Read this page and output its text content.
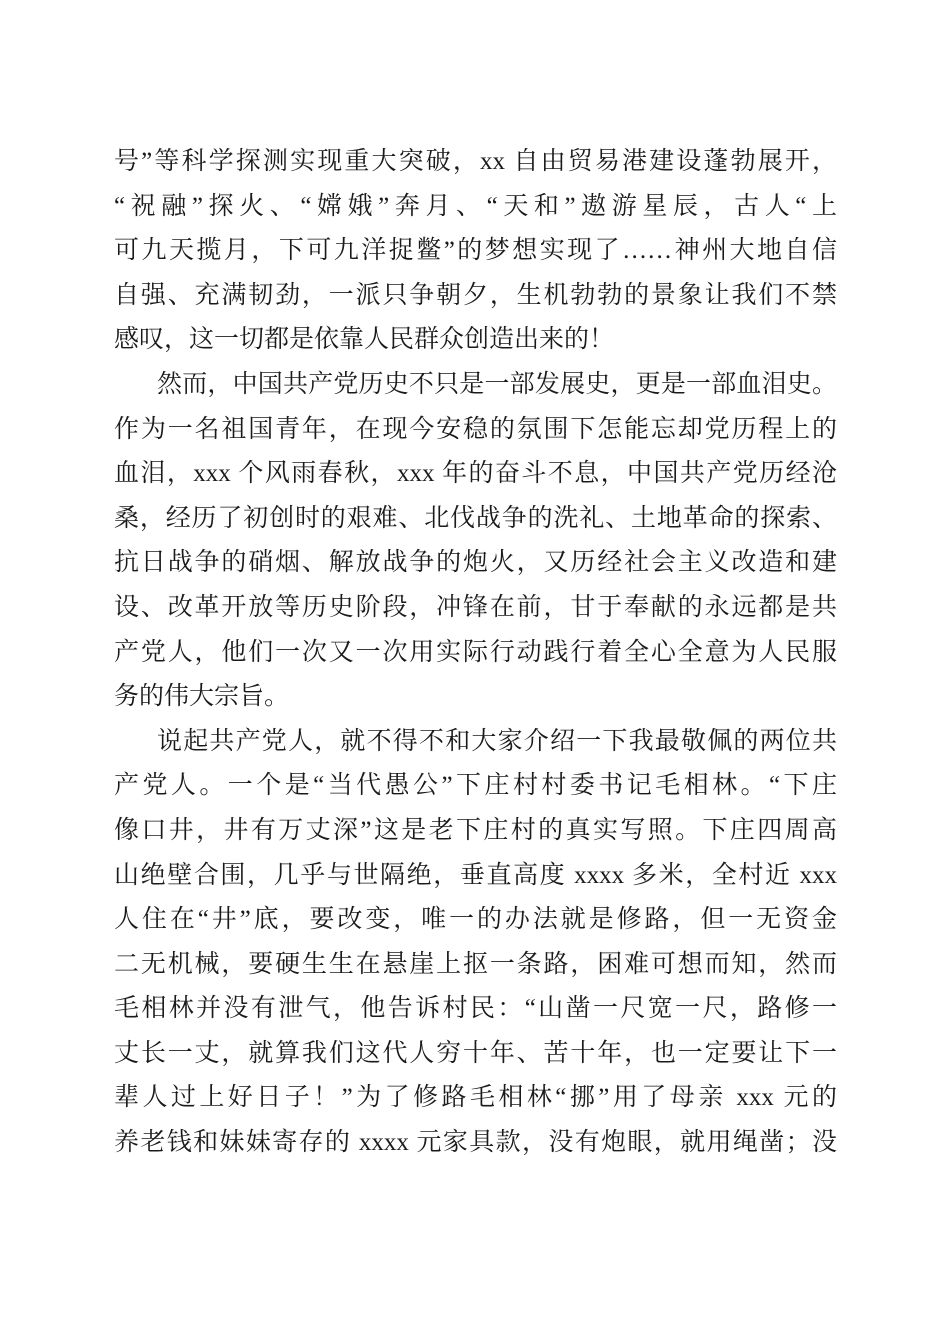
号”等科学探测实现重大突破，xx 自由贸易港建设蓬勃展开，
“祝融”探火、“嫦娥”奔月、“天和”遨游星辰，古人“上
可九天揽月，下可九洋捉鳖”的梦想实现了……神州大地自信
自强、充满韧劲，一派只争朝夕，生机勃勃的景象让我们不禁
感叹，这一切都是依靠人民群众创造出来的！
然而，中国共产党历史不只是一部发展史，更是一部血泪史。
作为一名祖国青年，在现今安稳的氛围下怎能忘却党历程上的
血泪，xxx 个风雨春秋，xxx 年的奋斗不息，中国共产党历经沧
桑，经历了初创时的艰难、北伐战争的洗礼、土地革命的探索、
抗日战争的硝烟、解放战争的炮火，又历经社会主义改造和建
设、改革开放等历史阶段，冲锋在前，甘于奉献的永远都是共
产党人，他们一次又一次用实际行动践行着全心全意为人民服
务的伟大宗旨。
说起共产党人，就不得不和大家介绍一下我最敬佩的两位共
产党人。一个是“当代愚公”下庄村村委书记毛相林。“下庄
像口井，井有万丈深”这是老下庄村的真实写照。下庄四周高
山绝壁合围，几乎与世隔绝，垂直高度 xxxx 多米，全村近 xxx
人住在“井”底，要改变，唯一的办法就是修路，但一无资金
二无机械，要硬生生在悬崖上抠一条路，困难可想而知，然而
毛相林并没有泄气，他告诉村民：“山凿一尺宽一尺，路修一
丈长一丈，就算我们这代人穷十年、苦十年，也一定要让下一
辈人过上好日子！”为了修路毛相林“挪”用了母亲 xxx 元的
养老钱和妹妹寄存的 xxxx 元家具款，没有炮眼，就用绳凿；没
